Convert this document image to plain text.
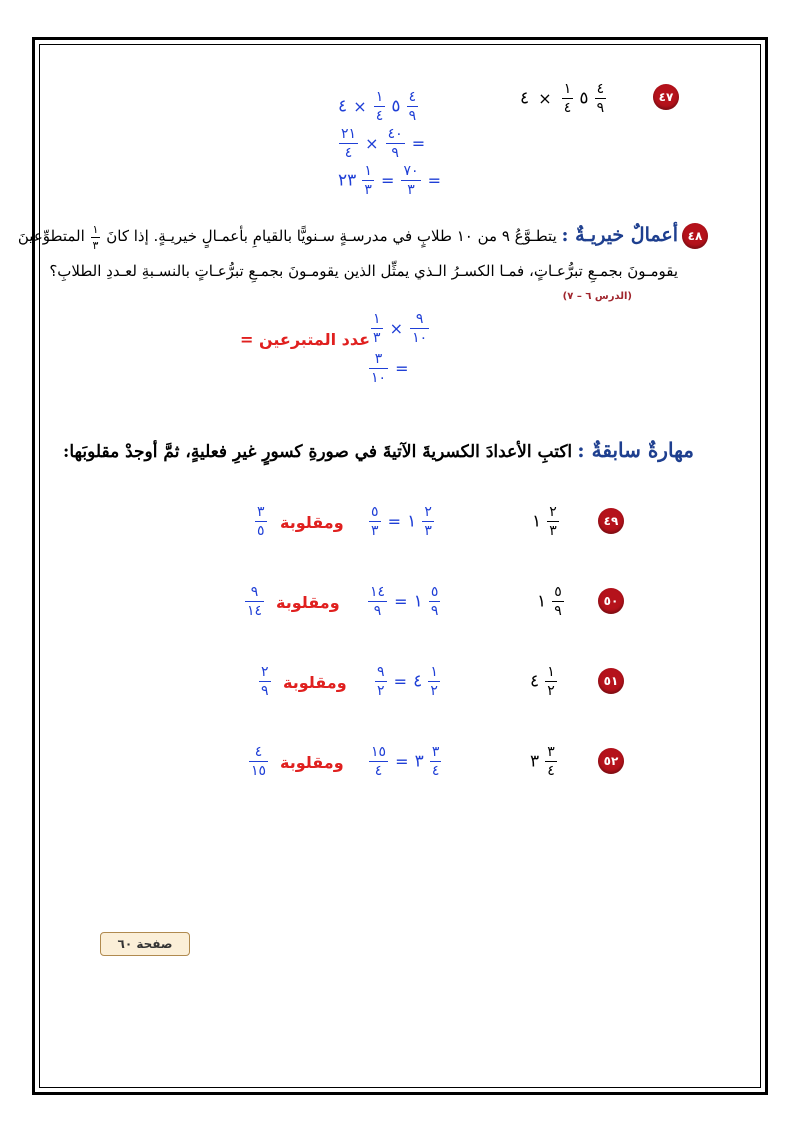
٤٧
٥
$\frac{١}{٤}$
× ٤	$\frac{٤}{٩}$
٥
$\frac{١}{٤}$
× ٤	$\frac{٤}{٩}$
$\frac{٢١}{٤} \times \frac{٤٠}{٩}$ =
٢٣ $\frac{١}{٣} = \frac{٧٠}{٣}$ =
٤٨
أعمالٌ خيريـةٌ : يتطـوَّعُ ٩ من ١٠ طلابٍ في مدرسـةٍ سـنويًّا بالقيامِ بأعمـالٍ خيريـةٍ. إذا كانَ
$\frac{١}{٣}$
المتطوِّعينَ
يقومـونَ بجمـعِ تبرُّعـاتٍ، فمـا الكسـرُ الـذي يمثِّل الذين يقومـونَ بجمـعِ تبرُّعـاتٍ بالنسـبةِ لعـددِ الطلابِ؟
(الدرس ٦ – ٧)
$\frac{١}{٣} \times \frac{٩}{١٠}$
عدد المتبرعين =
$\frac{٣}{١٠}$ =
مهارةٌ سابقةٌ : اكتبِ الأعدادَ الكسريةَ الآتيةَ في صورةِ كسورٍ غيرِ فعليةٍ، ثمَّ أوجدْ مقلوبَها:
٤٩
١ $\frac{٢}{٣}$
$\frac{٥}{٣}$ = ١ $\frac{٢}{٣}$
ومقلوبة
$\frac{٣}{٥}$
٥٠
١ $\frac{٥}{٩}$
$\frac{١٤}{٩}$ = ١ $\frac{٥}{٩}$
ومقلوبة
$\frac{٩}{١٤}$
٥١
٤ $\frac{١}{٢}$
$\frac{٩}{٢}$ = ٤ $\frac{١}{٢}$
ومقلوبة
$\frac{٢}{٩}$
٥٢
٣ $\frac{٣}{٤}$
$\frac{١٥}{٤}$ = ٣ $\frac{٣}{٤}$
ومقلوبة
$\frac{٤}{١٥}$
صفحة ٦٠
